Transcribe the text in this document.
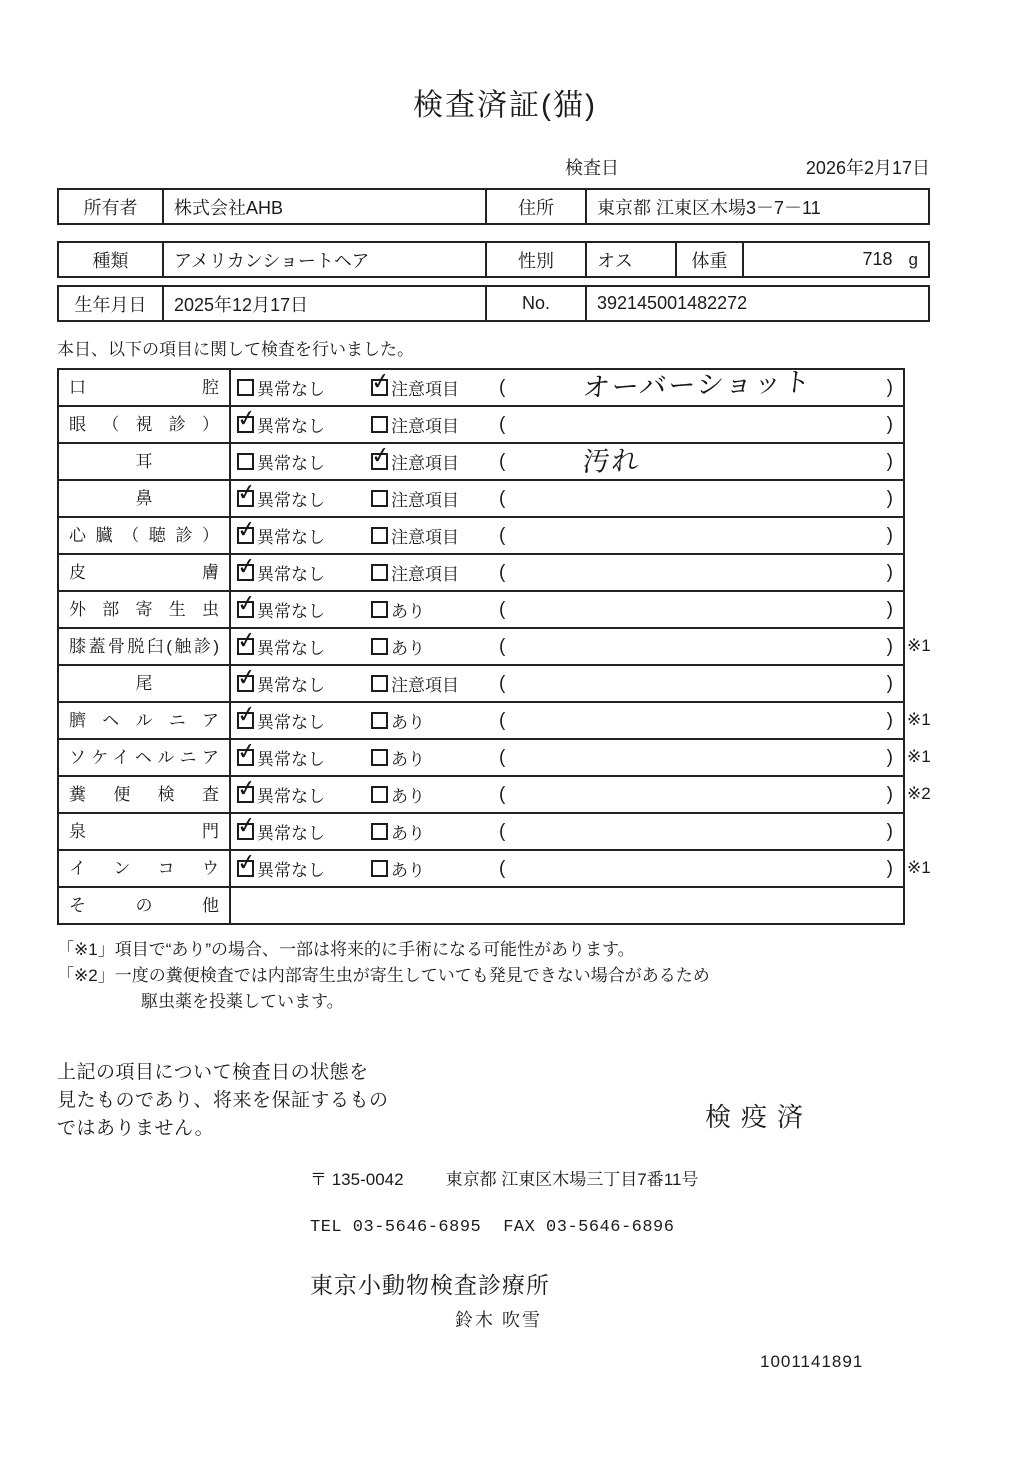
検査済証(猫)
検査日	2026年2月17日
所有者	株式会社AHB	住所	東京都 江東区木場3－7－11
種類	アメリカンショートヘア	性別	オス	体重	718 g
生年月日	2025年12月17日	No.	392145001482272

本日、以下の項目に関して検査を行いました。

口腔	異常なし ✓	注意項目 (	オーバーショット	)
眼（視診） ✓	異常なし	注意項目 (	)
耳	異常なし ✓	注意項目 (	汚れ	)
鼻 ✓	異常なし	注意項目 (	)
心臓（聴診） ✓	異常なし	注意項目 (	)
皮膚 ✓	異常なし	注意項目 (	)
外部寄生虫 ✓	異常なし	あり	(	)
膝蓋骨脱臼(触診) ✓	異常なし	あり	(	) ※1
尾 ✓	異常なし	注意項目 (	)
臍ヘルニア ✓	異常なし	あり	(	) ※1
ソケイヘルニア ✓	異常なし	あり	(	) ※1
糞便検査 ✓	異常なし	あり	(	) ※2
泉門 ✓	異常なし	あり	(	)
インコウ ✓	異常なし	あり	(	) ※1
その他
「※1」項目で“あり”の場合、一部は将来的に手術になる可能性があります。
「※2」一度の糞便検査では内部寄生虫が寄生していても発見できない場合があるため
駆虫薬を投薬しています。
上記の項目について検査日の状態を
見たものであり、将来を保証するもの
ではありません。	検疫済
〒 135-0042 東京都 江東区木場三丁目7番11号
TEL 03-5646-6895 FAX 03-5646-6896
東京小動物検査診療所
鈴木 吹雪
1001141891
